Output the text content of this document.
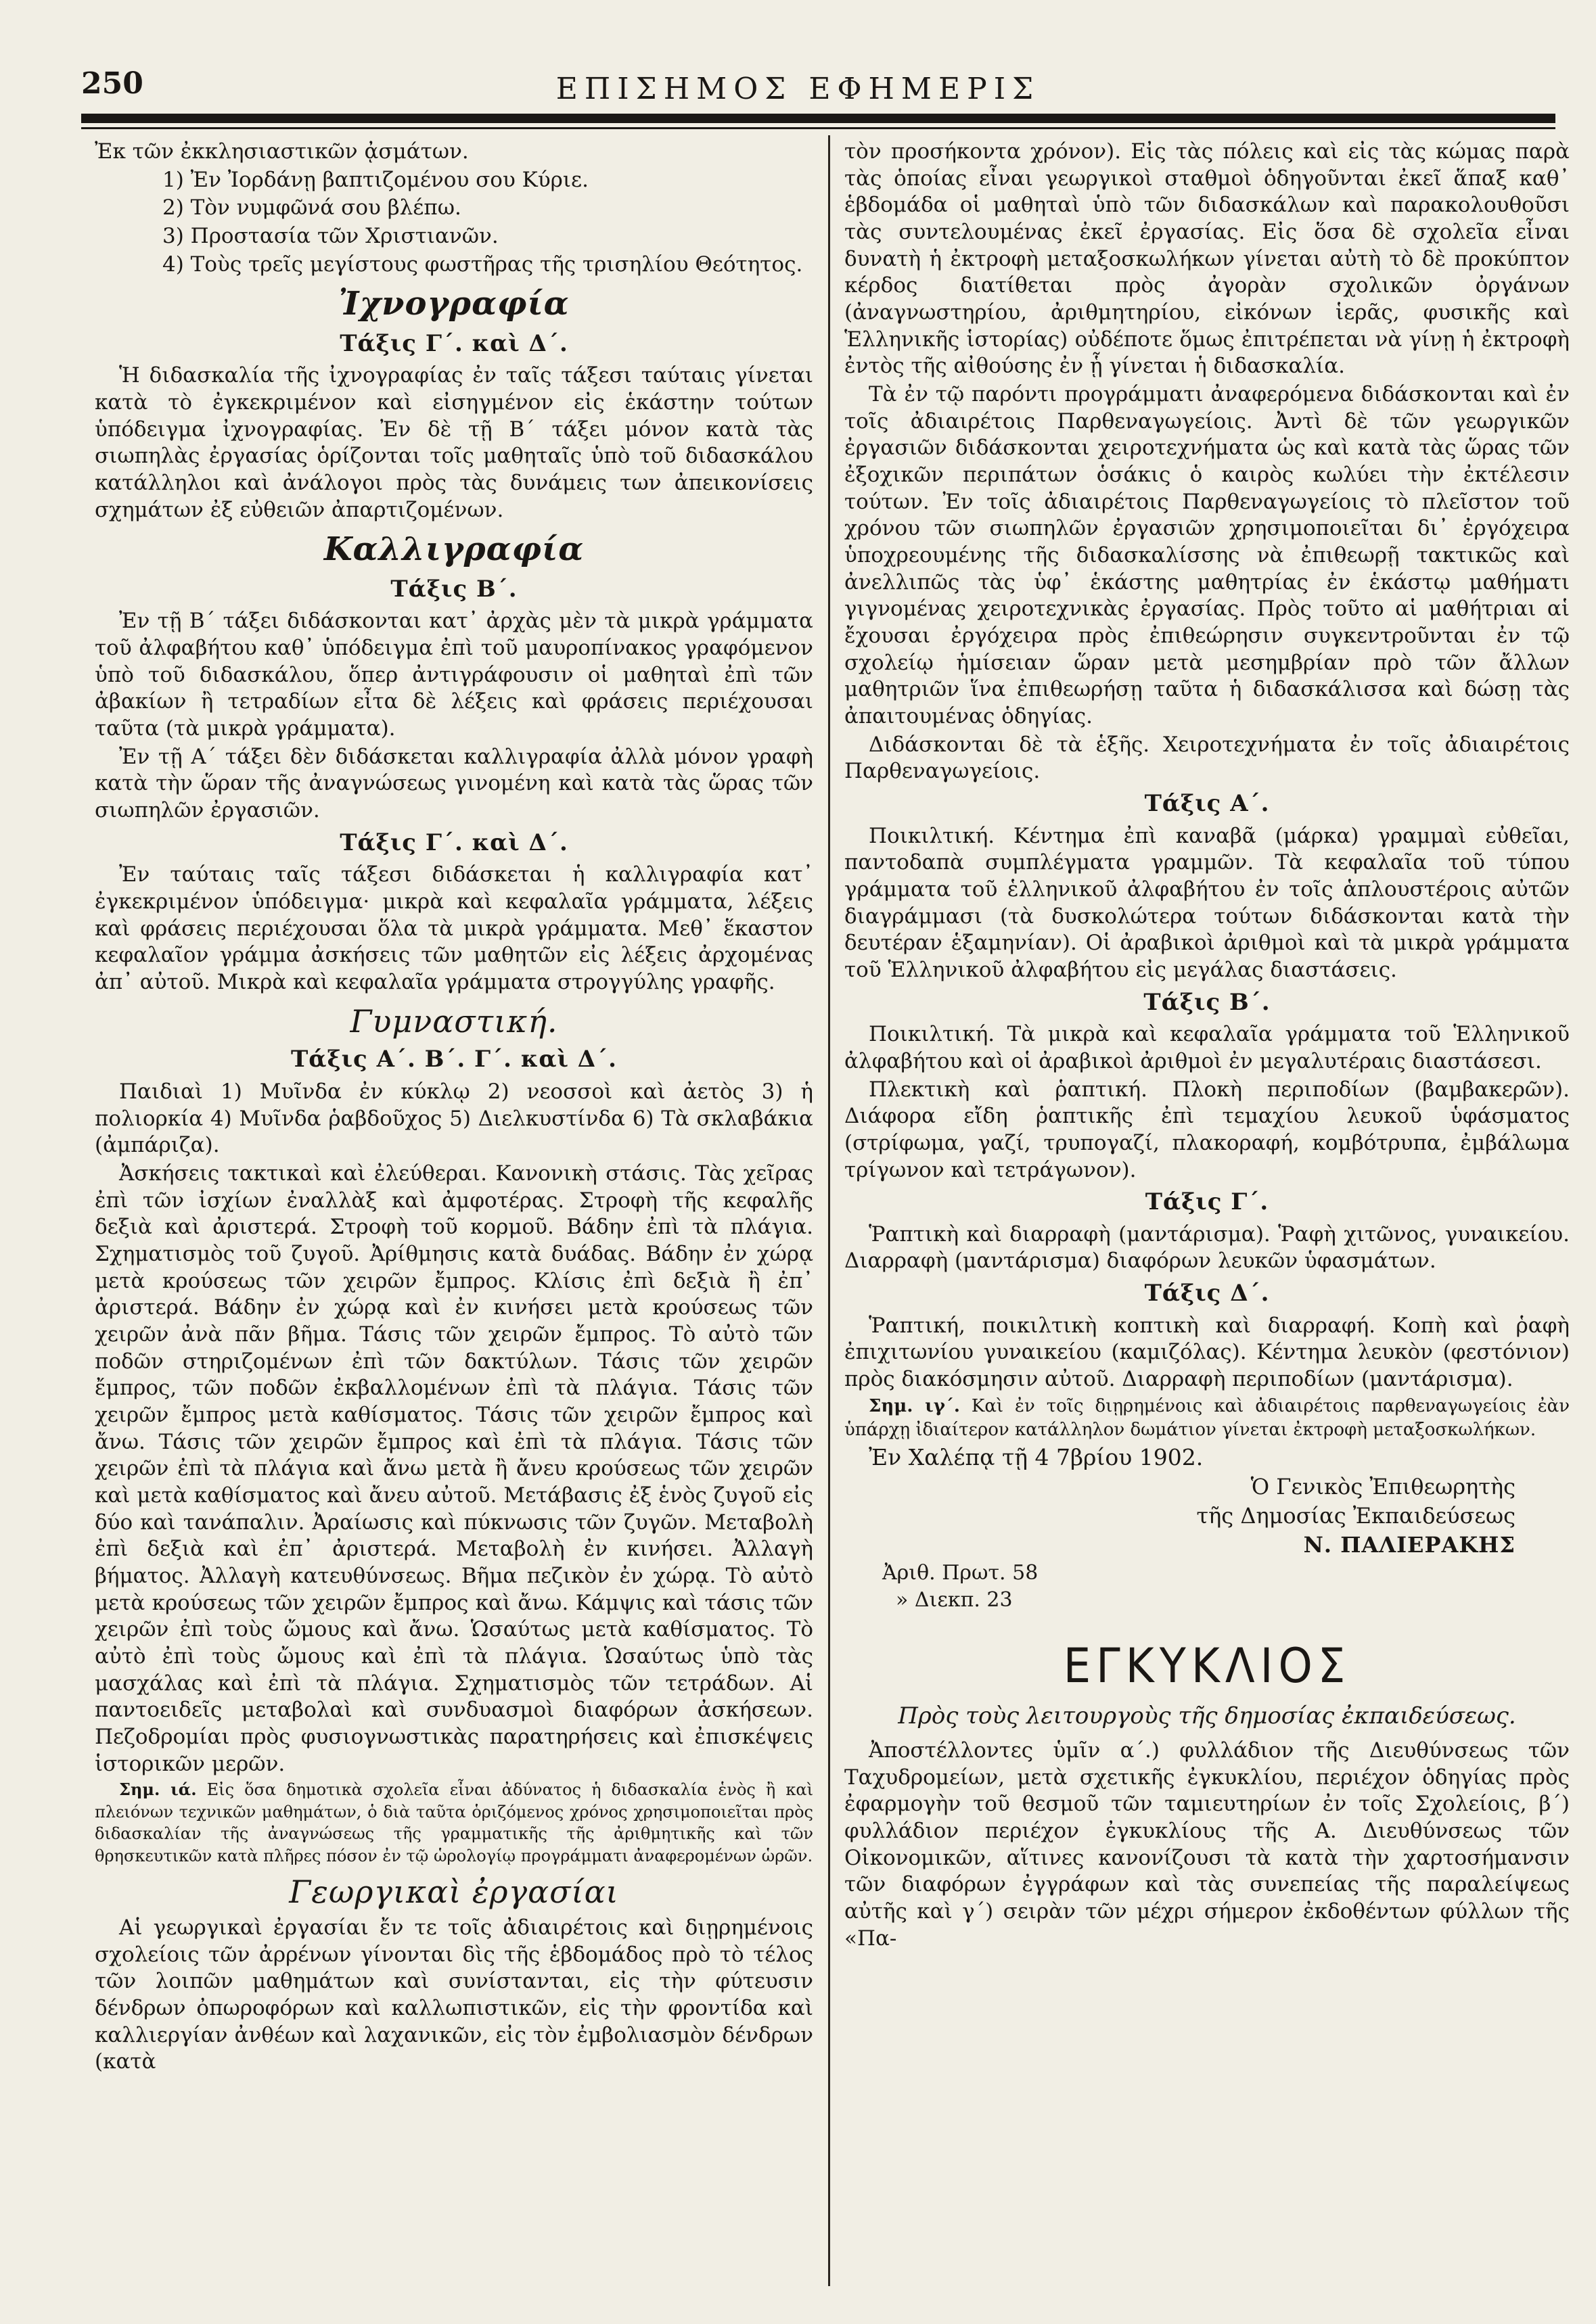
250	ΕΠΙΣΗΜΟΣ ΕΦΗΜΕΡΙΣ

Ἐκ τῶν ἐκκλησιαστικῶν ᾀσμάτων.

1) Ἐν Ἰορδάνῃ βαπτιζομένου σου Κύριε.

2) Τὸν νυμφῶνά σου βλέπω.

3) Προστασία τῶν Χριστιανῶν.

4) Τοὺς τρεῖς μεγίστους φωστῆρας τῆς τρισηλίου Θεότητος.

Ἰχνογραφία
Τάξις Γ΄. καὶ Δ΄.

Ἡ διδασκαλία τῆς ἰχνογραφίας ἐν ταῖς τάξεσι ταύταις γίνεται κατὰ τὸ ἐγκεκριμένον καὶ εἰσηγμένον εἰς ἑκάστην τούτων ὑπόδειγμα ἰχνογραφίας. Ἐν δὲ τῇ Β΄ τάξει μόνον κατὰ τὰς σιωπηλὰς ἐργασίας ὁρίζονται τοῖς μαθηταῖς ὑπὸ τοῦ διδασκάλου κατάλληλοι καὶ ἀνάλογοι πρὸς τὰς δυνάμεις των ἀπεικονίσεις σχημάτων ἐξ εὐθειῶν ἀπαρτιζομένων.

Καλλιγραφία
Τάξις Β΄.

Ἐν τῇ Β΄ τάξει διδάσκονται κατ᾽ ἀρχὰς μὲν τὰ μικρὰ γράμματα τοῦ ἀλφαβήτου καθ᾽ ὑπόδειγμα ἐπὶ τοῦ μαυροπίνακος γραφόμενον ὑπὸ τοῦ διδασκάλου, ὅπερ ἀντιγράφουσιν οἱ μαθηταὶ ἐπὶ τῶν ἀβακίων ἢ τετραδίων εἶτα δὲ λέξεις καὶ φράσεις περιέχουσαι ταῦτα (τὰ μικρὰ γράμματα).

Ἐν τῇ Α΄ τάξει δὲν διδάσκεται καλλιγραφία ἀλλὰ μόνον γραφὴ κατὰ τὴν ὥραν τῆς ἀναγνώσεως γινομένη καὶ κατὰ τὰς ὥρας τῶν σιωπηλῶν ἐργασιῶν.

Τάξις Γ΄. καὶ Δ΄.

Ἐν ταύταις ταῖς τάξεσι διδάσκεται ἡ καλλιγραφία κατ᾽ ἐγκεκριμένον ὑπόδειγμα· μικρὰ καὶ κεφαλαῖα γράμματα, λέξεις καὶ φράσεις περιέχουσαι ὅλα τὰ μικρὰ γράμματα. Μεθ᾽ ἕκαστον κεφαλαῖον γράμμα ἀσκήσεις τῶν μαθητῶν εἰς λέξεις ἀρχομένας ἀπ᾽ αὐτοῦ. Μικρὰ καὶ κεφαλαῖα γράμματα στρογγύλης γραφῆς.

Γυμναστική.
Τάξις Α΄. Β΄. Γ΄. καὶ Δ΄.

Παιδιαὶ 1) Μυῖνδα ἐν κύκλῳ 2) νεοσσοὶ καὶ ἀετὸς 3) ἡ πολιορκία 4) Μυῖνδα ῥαβδοῦχος 5) Διελκυστίνδα 6) Τὰ σκλαβάκια (ἀμπάριζα).

Ἀσκήσεις τακτικαὶ καὶ ἐλεύθεραι. Κανονικὴ στάσις. Τὰς χεῖρας ἐπὶ τῶν ἰσχίων ἐναλλὰξ καὶ ἀμφοτέρας. Στροφὴ τῆς κεφαλῆς δεξιὰ καὶ ἀριστερά. Στροφὴ τοῦ κορμοῦ. Βάδην ἐπὶ τὰ πλάγια. Σχηματισμὸς τοῦ ζυγοῦ. Ἀρίθμησις κατὰ δυάδας. Βάδην ἐν χώρᾳ μετὰ κρούσεως τῶν χειρῶν ἔμπρος. Κλίσις ἐπὶ δεξιὰ ἢ ἐπ᾽ ἀριστερά. Βάδην ἐν χώρᾳ καὶ ἐν κινήσει μετὰ κρούσεως τῶν χειρῶν ἀνὰ πᾶν βῆμα. Τάσις τῶν χειρῶν ἔμπρος. Τὸ αὐτὸ τῶν ποδῶν στηριζομένων ἐπὶ τῶν δακτύλων. Τάσις τῶν χειρῶν ἔμπρος, τῶν ποδῶν ἐκβαλλομένων ἐπὶ τὰ πλάγια. Τάσις τῶν χειρῶν ἔμπρος μετὰ καθίσματος. Τάσις τῶν χειρῶν ἔμπρος καὶ ἄνω. Τάσις τῶν χειρῶν ἔμπρος καὶ ἐπὶ τὰ πλάγια. Τάσις τῶν χειρῶν ἐπὶ τὰ πλάγια καὶ ἄνω μετὰ ἢ ἄνευ κρούσεως τῶν χειρῶν καὶ μετὰ καθίσματος καὶ ἄνευ αὐτοῦ. Μετάβασις ἐξ ἑνὸς ζυγοῦ εἰς δύο καὶ τανάπαλιν. Ἀραίωσις καὶ πύκνωσις τῶν ζυγῶν. Μεταβολὴ ἐπὶ δεξιὰ καὶ ἐπ᾽ ἀριστερά. Μεταβολὴ ἐν κινήσει. Ἀλλαγὴ βήματος. Ἀλλαγὴ κατευθύνσεως. Βῆμα πεζικὸν ἐν χώρᾳ. Τὸ αὐτὸ μετὰ κρούσεως τῶν χειρῶν ἔμπρος καὶ ἄνω. Κάμψις καὶ τάσις τῶν χειρῶν ἐπὶ τοὺς ὤμους καὶ ἄνω. Ὡσαύτως μετὰ καθίσματος. Τὸ αὐτὸ ἐπὶ τοὺς ὤμους καὶ ἐπὶ τὰ πλάγια. Ὡσαύτως ὑπὸ τὰς μασχάλας καὶ ἐπὶ τὰ πλάγια. Σχηματισμὸς τῶν τετράδων. Αἱ παντοειδεῖς μεταβολαὶ καὶ συνδυασμοὶ διαφόρων ἀσκήσεων. Πεζοδρομίαι πρὸς φυσιογνωστικὰς παρατηρήσεις καὶ ἐπισκέψεις ἱστορικῶν μερῶν.

Σημ. ιά. Εἰς ὅσα δημοτικὰ σχολεῖα εἶναι ἀδύνατος ἡ διδασκαλία ἑνὸς ἢ καὶ πλειόνων τεχνικῶν μαθημάτων, ὁ διὰ ταῦτα ὁριζόμενος χρόνος χρησιμοποιεῖται πρὸς διδασκαλίαν τῆς ἀναγνώσεως τῆς γραμματικῆς τῆς ἀριθμητικῆς καὶ τῶν θρησκευτικῶν κατὰ πλῆρες πόσον ἐν τῷ ὡρολογίῳ προγράμματι ἀναφερομένων ὡρῶν.

Γεωργικαὶ ἐργασίαι

Αἱ γεωργικαὶ ἐργασίαι ἔν τε τοῖς ἀδιαιρέτοις καὶ διῃρημένοις σχολείοις τῶν ἀρρένων γίνονται δὶς τῆς ἑβδομάδος πρὸ τὸ τέλος τῶν λοιπῶν μαθημάτων καὶ συνίστανται, εἰς τὴν φύτευσιν δένδρων ὀπωροφόρων καὶ καλλωπιστικῶν, εἰς τὴν φροντίδα καὶ καλλιεργίαν ἀνθέων καὶ λαχανικῶν, εἰς τὸν ἐμβολιασμὸν δένδρων (κατὰ

τὸν προσήκοντα χρόνον). Εἰς τὰς πόλεις καὶ εἰς τὰς κώμας παρὰ τὰς ὁποίας εἶναι γεωργικοὶ σταθμοὶ ὁδηγοῦνται ἐκεῖ ἅπαξ καθ᾽ ἑβδομάδα οἱ μαθηταὶ ὑπὸ τῶν διδασκάλων καὶ παρακολουθοῦσι τὰς συντελουμένας ἐκεῖ ἐργασίας. Εἰς ὅσα δὲ σχολεῖα εἶναι δυνατὴ ἡ ἐκτροφὴ μεταξοσκωλήκων γίνεται αὐτὴ τὸ δὲ προκύπτον κέρδος διατίθεται πρὸς ἀγορὰν σχολικῶν ὀργάνων (ἀναγνωστηρίου, ἀριθμητηρίου, εἰκόνων ἱερᾶς, φυσικῆς καὶ Ἑλληνικῆς ἱστορίας) οὐδέποτε ὅμως ἐπιτρέπεται νὰ γίνῃ ἡ ἐκτροφὴ ἐντὸς τῆς αἰθούσης ἐν ᾗ γίνεται ἡ διδασκαλία.

Τὰ ἐν τῷ παρόντι προγράμματι ἀναφερόμενα διδάσκονται καὶ ἐν τοῖς ἀδιαιρέτοις Παρθεναγωγείοις. Ἀντὶ δὲ τῶν γεωργικῶν ἐργασιῶν διδάσκονται χειροτεχνήματα ὡς καὶ κατὰ τὰς ὥρας τῶν ἐξοχικῶν περιπάτων ὁσάκις ὁ καιρὸς κωλύει τὴν ἐκτέλεσιν τούτων. Ἐν τοῖς ἀδιαιρέτοις Παρθεναγωγείοις τὸ πλεῖστον τοῦ χρόνου τῶν σιωπηλῶν ἐργασιῶν χρησιμοποιεῖται δι᾽ ἐργόχειρα ὑποχρεουμένης τῆς διδασκαλίσσης νὰ ἐπιθεωρῇ τακτικῶς καὶ ἀνελλιπῶς τὰς ὑφ᾽ ἑκάστης μαθητρίας ἐν ἑκάστῳ μαθήματι γιγνομένας χειροτεχνικὰς ἐργασίας. Πρὸς τοῦτο αἱ μαθήτριαι αἱ ἔχουσαι ἐργόχειρα πρὸς ἐπιθεώρησιν συγκεντροῦνται ἐν τῷ σχολείῳ ἡμίσειαν ὥραν μετὰ μεσημβρίαν πρὸ τῶν ἄλλων μαθητριῶν ἵνα ἐπιθεωρήσῃ ταῦτα ἡ διδασκάλισσα καὶ δώσῃ τὰς ἀπαιτουμένας ὁδηγίας.

Διδάσκονται δὲ τὰ ἑξῆς. Χειροτεχνήματα ἐν τοῖς ἀδιαιρέτοις Παρθεναγωγείοις.

Τάξις Α΄.

Ποικιλτική. Κέντημα ἐπὶ καναβᾶ (μάρκα) γραμμαὶ εὐθεῖαι, παντοδαπὰ συμπλέγματα γραμμῶν. Τὰ κεφαλαῖα τοῦ τύπου γράμματα τοῦ ἑλληνικοῦ ἀλφαβήτου ἐν τοῖς ἁπλουστέροις αὐτῶν διαγράμμασι (τὰ δυσκολώτερα τούτων διδάσκονται κατὰ τὴν δευτέραν ἑξαμηνίαν). Οἱ ἀραβικοὶ ἀριθμοὶ καὶ τὰ μικρὰ γράμματα τοῦ Ἑλληνικοῦ ἀλφαβήτου εἰς μεγάλας διαστάσεις.

Τάξις Β΄.

Ποικιλτική. Τὰ μικρὰ καὶ κεφαλαῖα γράμματα τοῦ Ἑλληνικοῦ ἀλφαβήτου καὶ οἱ ἀραβικοὶ ἀριθμοὶ ἐν μεγαλυτέραις διαστάσεσι.

Πλεκτικὴ καὶ ῥαπτική. Πλοκὴ περιποδίων (βαμβακερῶν). Διάφορα εἴδη ῥαπτικῆς ἐπὶ τεμαχίου λευκοῦ ὑφάσματος (στρίφωμα, γαζί, τρυπογαζί, πλακοραφή, κομβότρυπα, ἐμβάλωμα τρίγωνον καὶ τετράγωνον).

Τάξις Γ΄.

Ῥαπτικὴ καὶ διαρραφὴ (μαντάρισμα). Ῥαφὴ χιτῶνος, γυναικείου. Διαρραφὴ (μαντάρισμα) διαφόρων λευκῶν ὑφασμάτων.

Τάξις Δ΄.

Ῥαπτική, ποικιλτικὴ κοπτικὴ καὶ διαρραφή. Κοπὴ καὶ ῥαφὴ ἐπιχιτωνίου γυναικείου (καμιζόλας). Κέντημα λευκὸν (φεστόνιον) πρὸς διακόσμησιν αὐτοῦ. Διαρραφὴ περιποδίων (μαντάρισμα).

Σημ. ιγ΄. Καὶ ἐν τοῖς διῃρημένοις καὶ ἀδιαιρέτοις παρθεναγωγείοις ἐὰν ὑπάρχῃ ἰδιαίτερον κατάλληλον δωμάτιον γίνεται ἐκτροφὴ μεταξοσκωλήκων.

Ἐν Χαλέπᾳ τῇ 4 7βρίου 1902.

Ὁ Γενικὸς Ἐπιθεωρητὴς

τῆς Δημοσίας Ἐκπαιδεύσεως

Ν. ΠΑΛΙΕΡΑΚΗΣ

Ἀριθ. Πρωτ. 58

» Διεκπ. 23

ΕΓΚΥΚΛΙΟΣ
Πρὸς τοὺς λειτουργοὺς τῆς δημοσίας ἐκπαιδεύσεως.

Ἀποστέλλοντες ὑμῖν α΄.) φυλλάδιον τῆς Διευθύνσεως τῶν Ταχυδρομείων, μετὰ σχετικῆς ἐγκυκλίου, περιέχον ὁδηγίας πρὸς ἐφαρμογὴν τοῦ θεσμοῦ τῶν ταμιευτηρίων ἐν τοῖς Σχολείοις, β΄) φυλλάδιον περιέχον ἐγκυκλίους τῆς Α. Διευθύνσεως τῶν Οἰκονομικῶν, αἵτινες κανονίζουσι τὰ κατὰ τὴν χαρτοσήμανσιν τῶν διαφόρων ἐγγράφων καὶ τὰς συνεπείας τῆς παραλείψεως αὐτῆς καὶ γ΄) σειρὰν τῶν μέχρι σήμερον ἐκδοθέντων φύλλων τῆς «Πα-
